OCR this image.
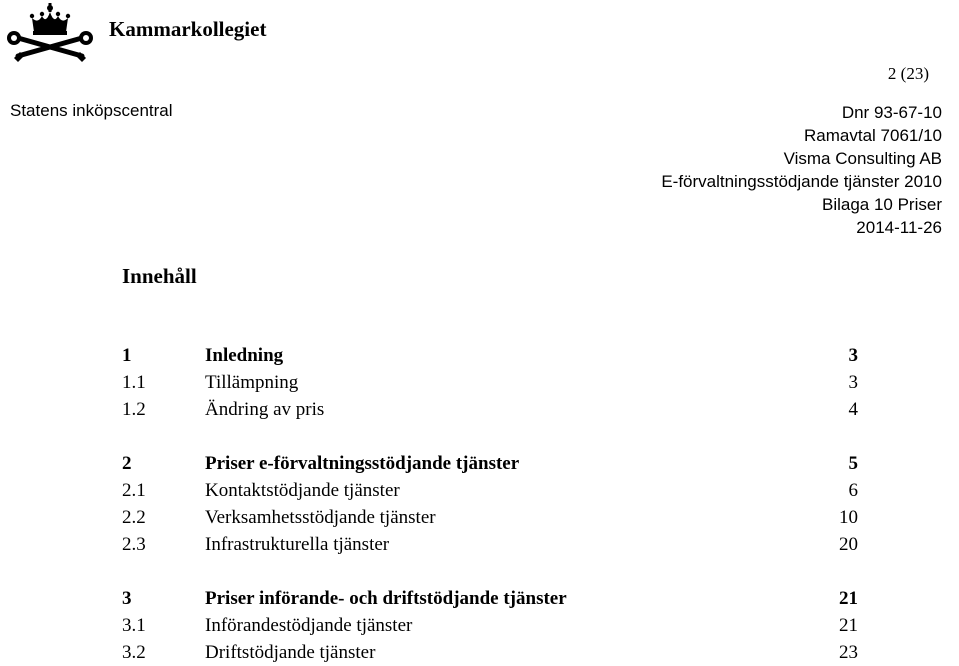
Kammarkollegiet
2 (23)
Statens inköpscentral	Dnr 93-67-10
Ramavtal 7061/10
Visma Consulting AB
E-förvaltningsstödjande tjänster 2010
Bilaga 10 Priser
2014-11-26
Innehåll
1	Inledning	3
1.1	Tillämpning	3
1.2	Ändring av pris	4
2	Priser e-förvaltningsstödjande tjänster	5
2.1	Kontaktstödjande tjänster	6
2.2	Verksamhetsstödjande tjänster	10
2.3	Infrastrukturella tjänster	20
3	Priser införande- och driftstödjande tjänster	21
3.1	Införandestödjande tjänster	21
3.2	Driftstödjande tjänster	23
